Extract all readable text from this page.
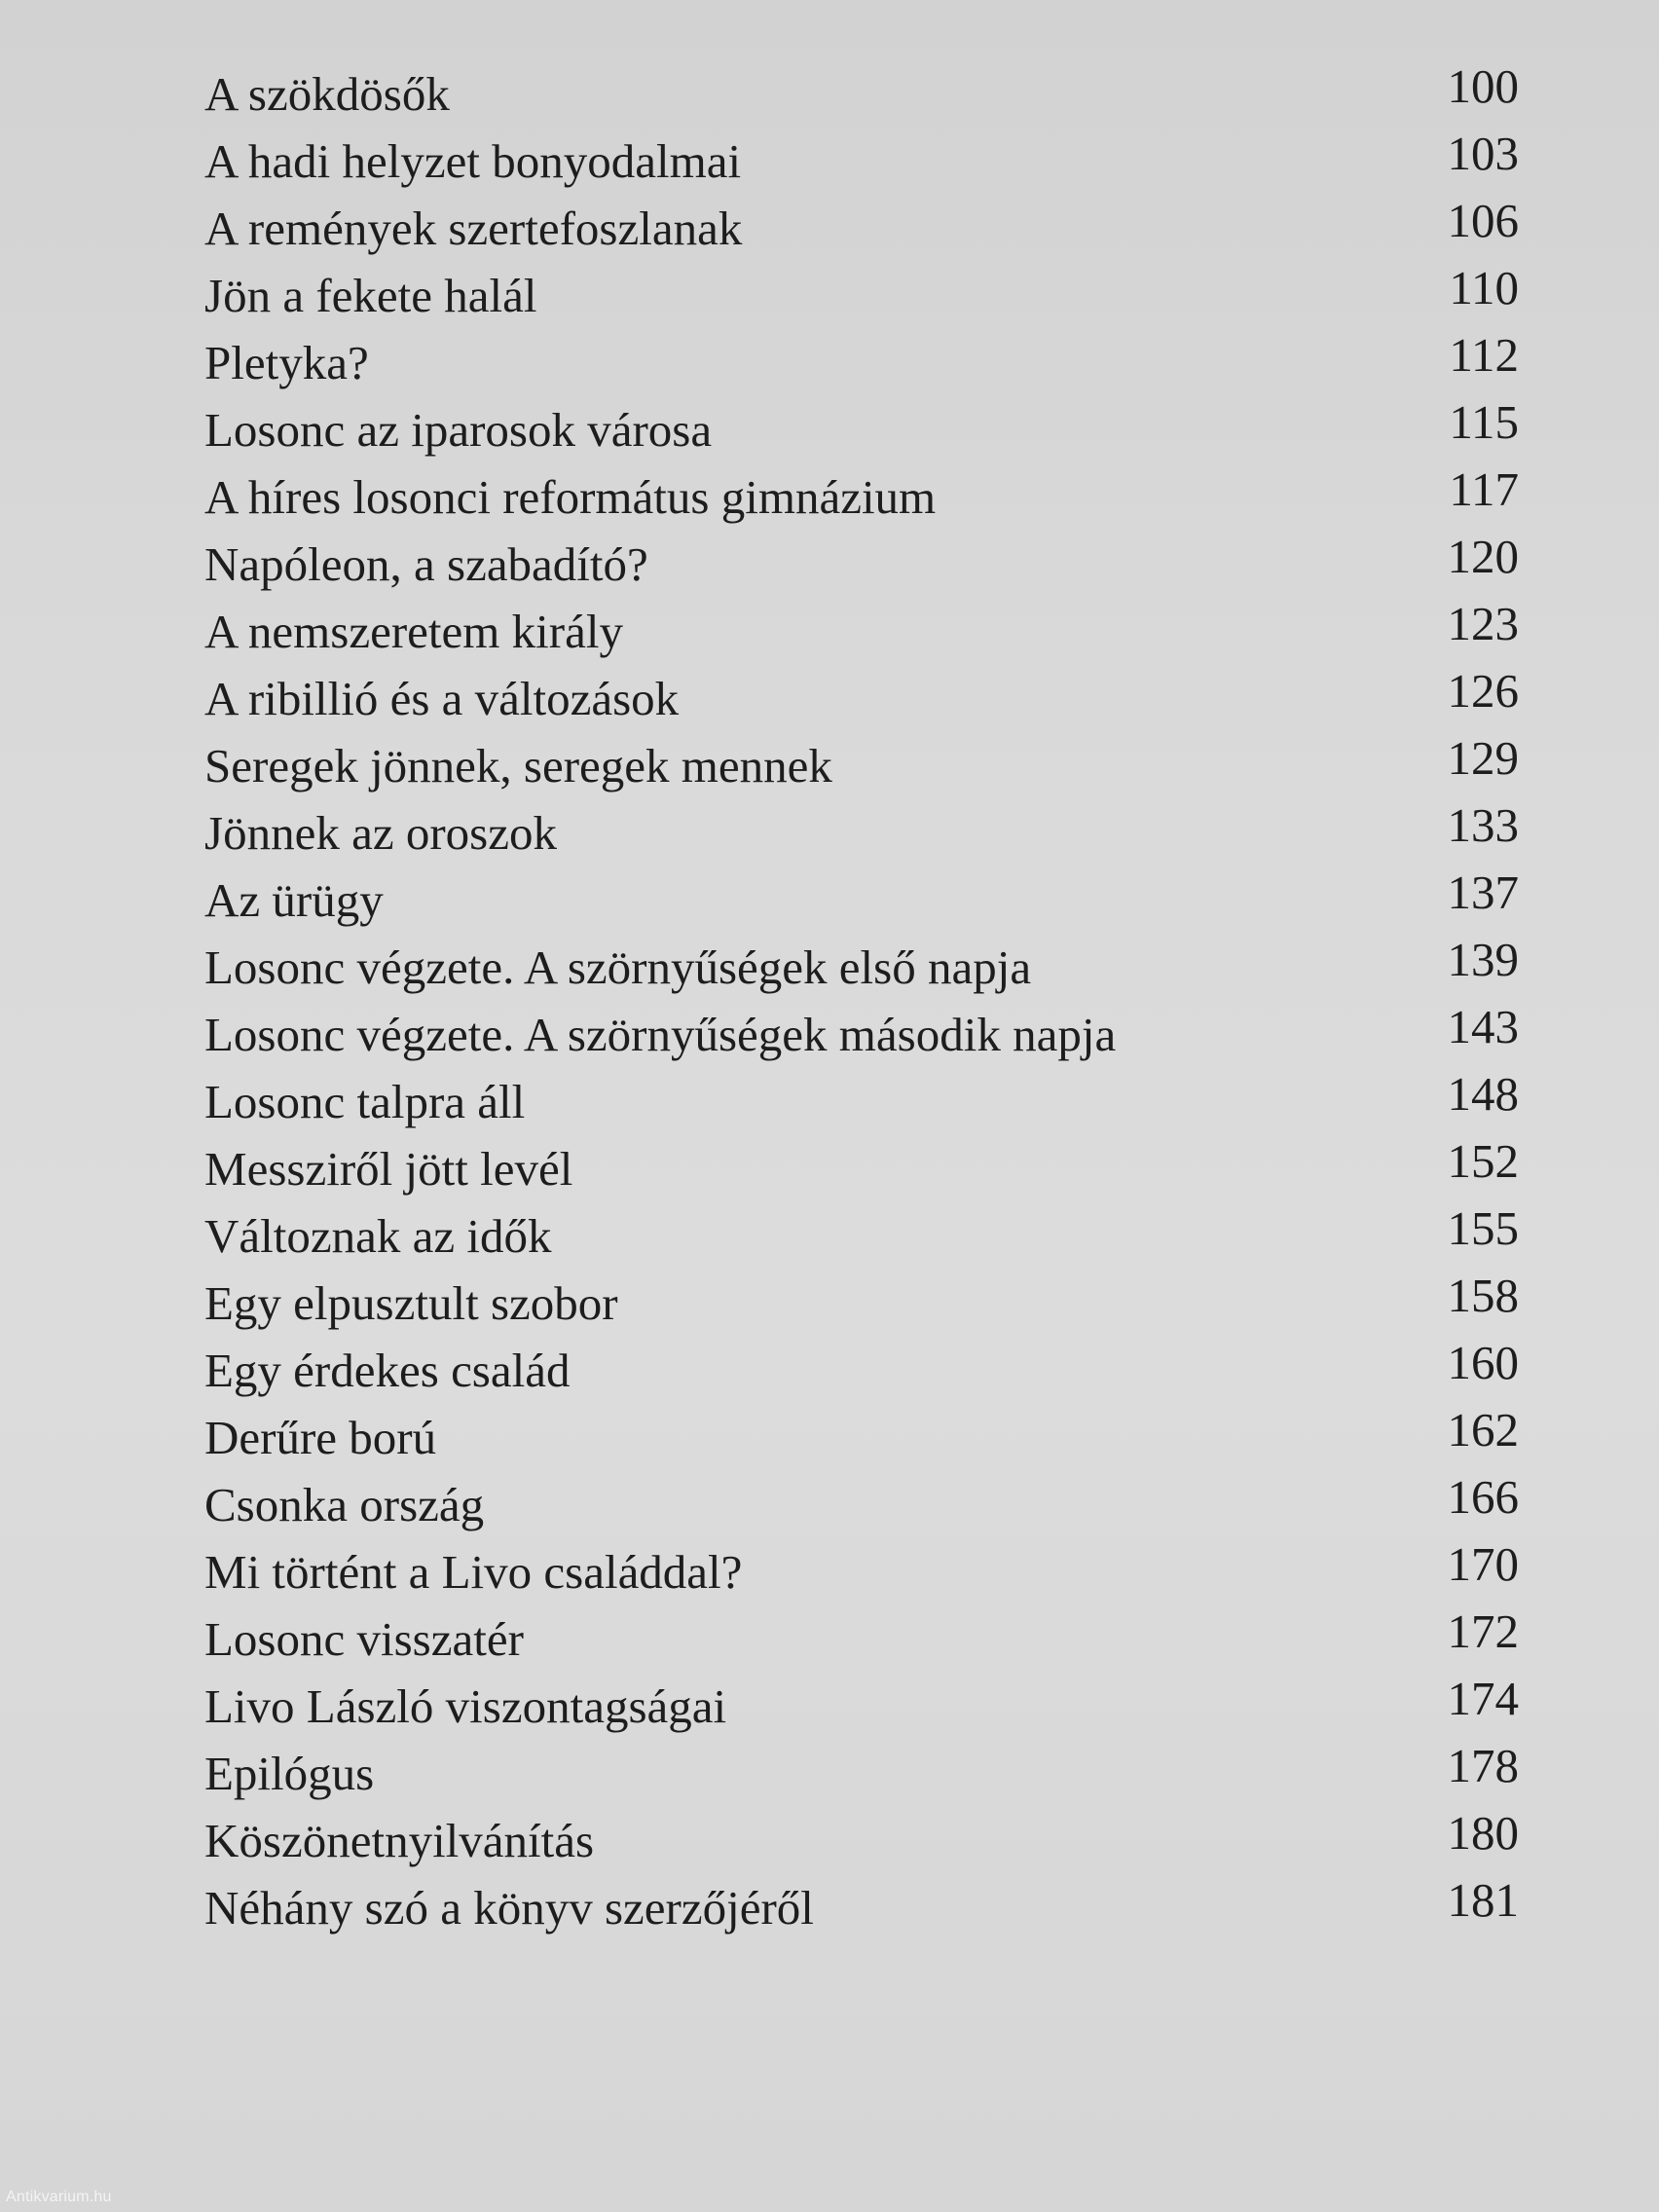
A szökdösők	100
A hadi helyzet bonyodalmai	103
A remények szertefoszlanak	106
Jön a fekete halál	110
Pletyka?	112
Losonc az iparosok városa	115
A híres losonci református gimnázium	117
Napóleon, a szabadító?	120
A nemszeretem király	123
A ribillió és a változások	126
Seregek jönnek, seregek mennek	129
Jönnek az oroszok	133
Az ürügy	137
Losonc végzete. A szörnyűségek első napja	139
Losonc végzete. A szörnyűségek második napja	143
Losonc talpra áll	148
Messziről jött levél	152
Változnak az idők	155
Egy elpusztult szobor	158
Egy érdekes család	160
Derűre ború	162
Csonka ország	166
Mi történt a Livo családdal?	170
Losonc visszatér	172
Livo László viszontagságai	174
Epilógus	178
Köszönetnyilvánítás	180
Néhány szó a könyv szerzőjéről	181
Antikvarium.hu
